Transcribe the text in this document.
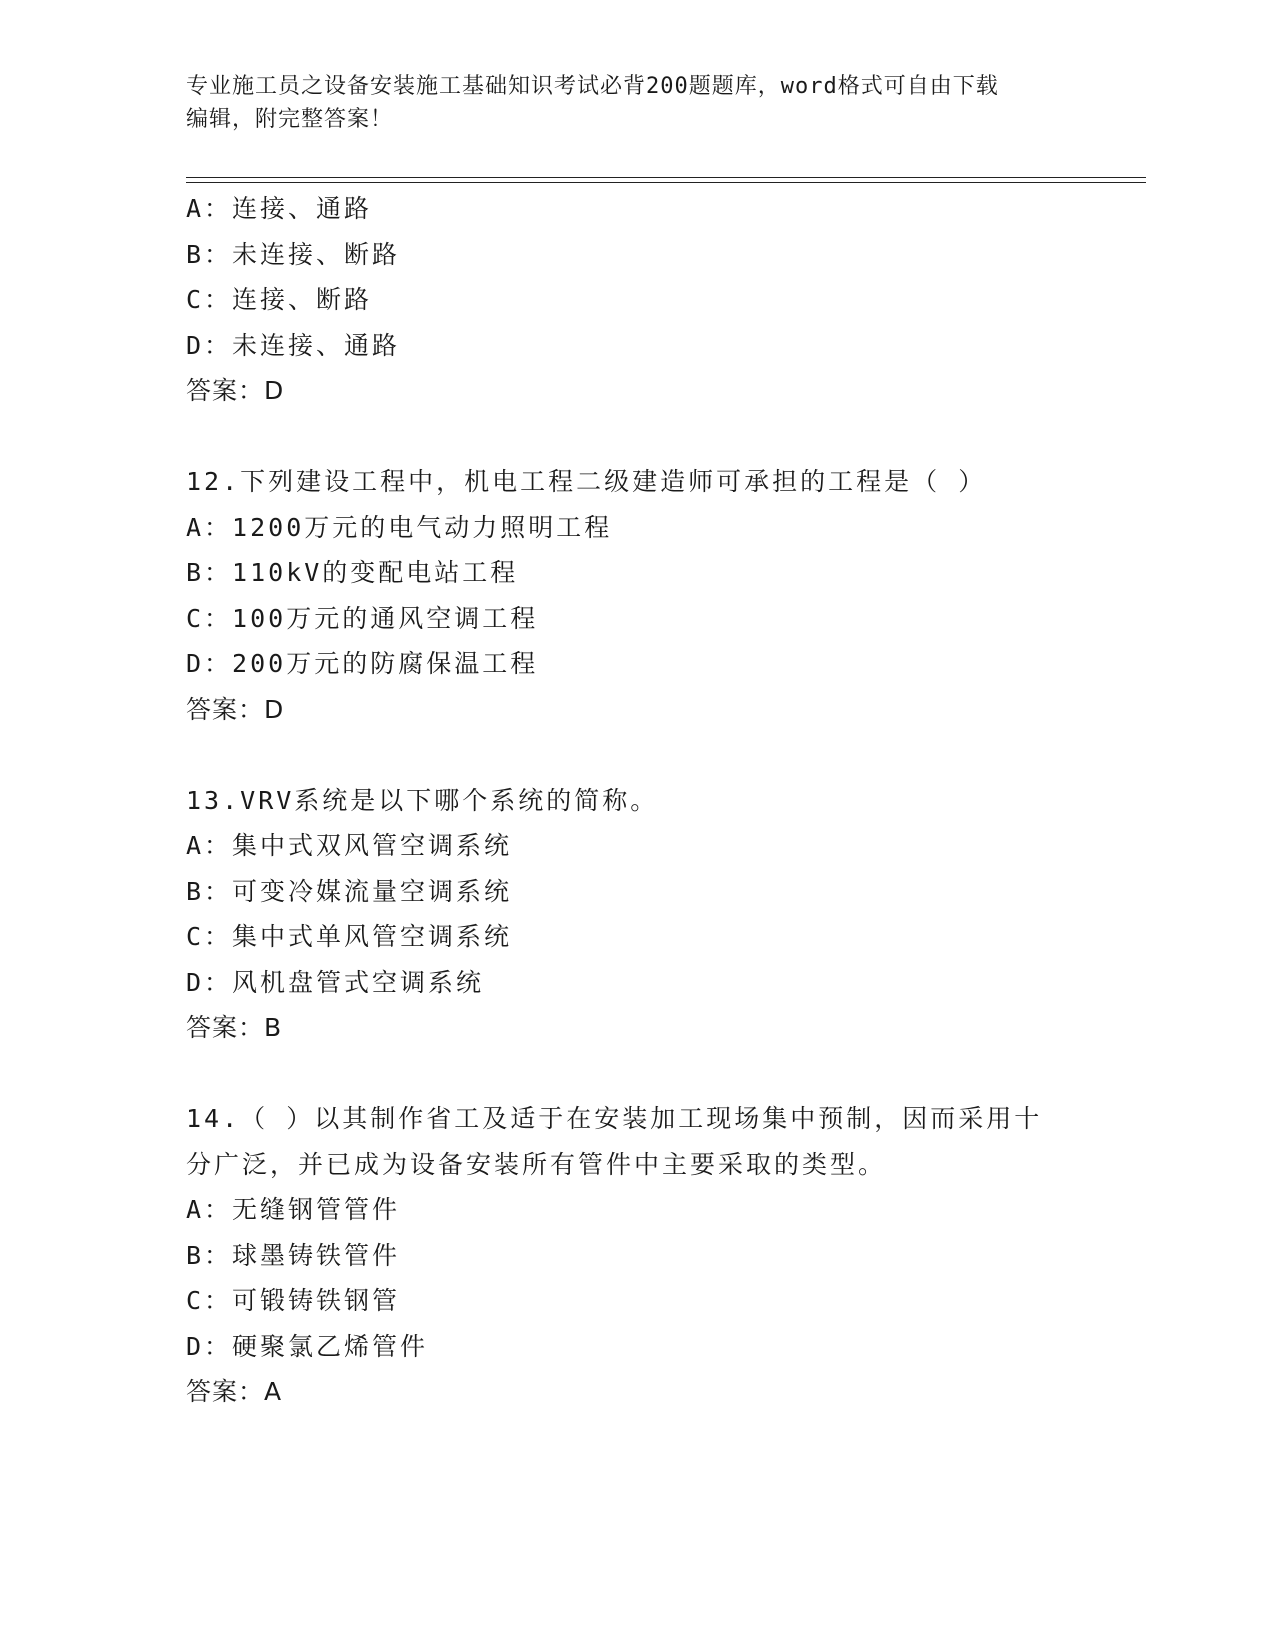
专业施工员之设备安装施工基础知识考试必背200题题库，word格式可自由下载
编辑，附完整答案！
A：连接、通路
B：未连接、断路
C：连接、断路
D：未连接、通路
答案：D
12.下列建设工程中，机电工程二级建造师可承担的工程是（ ）
A：1200万元的电气动力照明工程
B：110kV的变配电站工程
C：100万元的通风空调工程
D：200万元的防腐保温工程
答案：D
13.VRV系统是以下哪个系统的简称。
A：集中式双风管空调系统
B：可变冷媒流量空调系统
C：集中式单风管空调系统
D：风机盘管式空调系统
答案：B
14.（ ）以其制作省工及适于在安装加工现场集中预制，因而采用十
分广泛，并已成为设备安装所有管件中主要采取的类型。
A：无缝钢管管件
B：球墨铸铁管件
C：可锻铸铁钢管
D：硬聚氯乙烯管件
答案：A
